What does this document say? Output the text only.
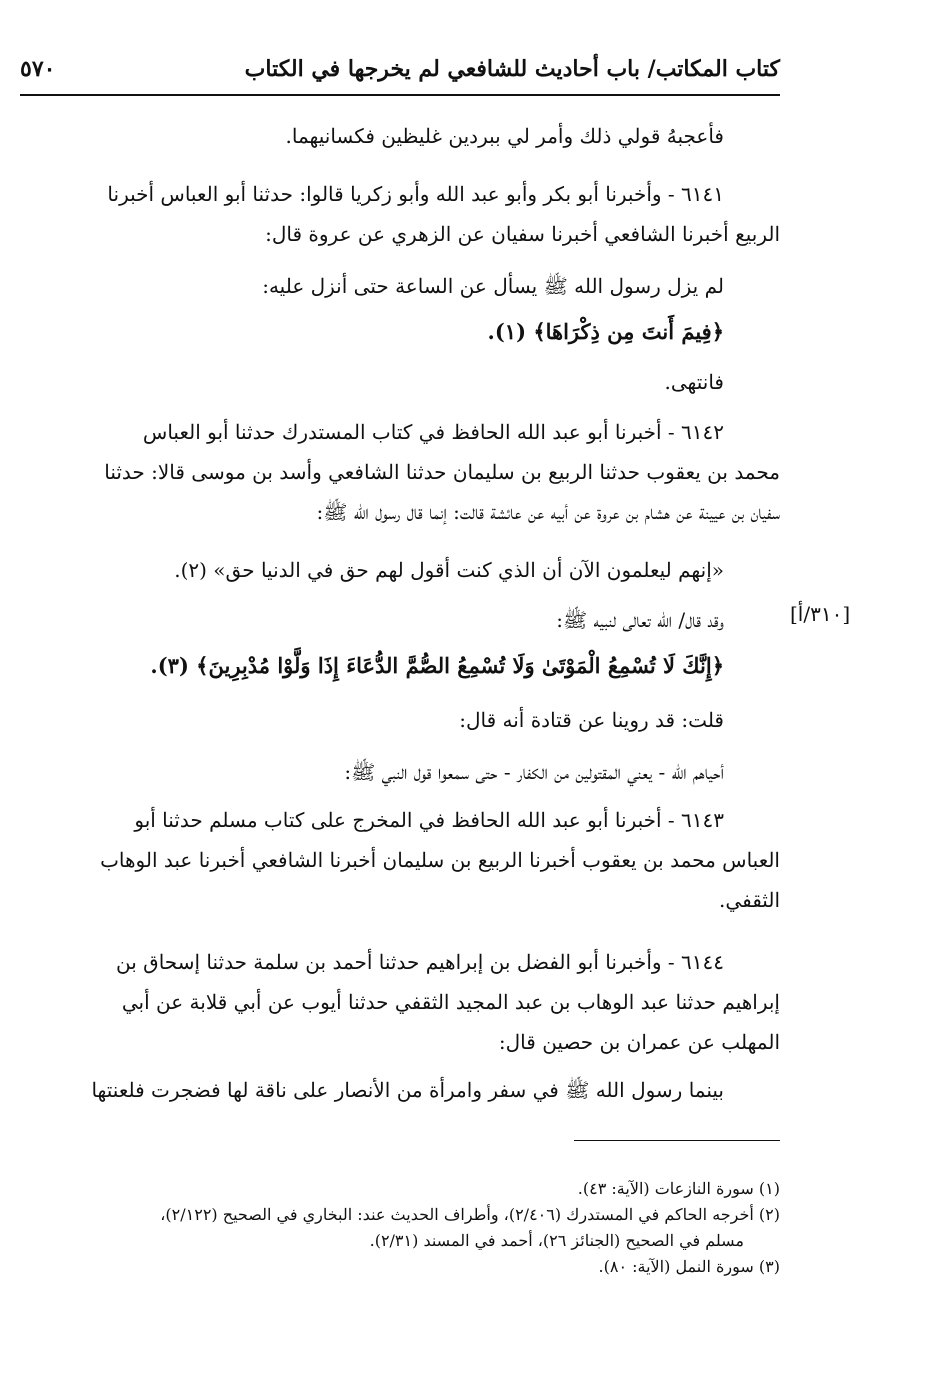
كتاب المكاتب/ باب أحاديث للشافعي لم يخرجها في الكتاب
٥٧٠
فأعجبهُ قولي ذلك وأمر لي ببردين غليظين فكسانيهما.
٦١٤١ - وأخبرنا أبو بكر وأبو عبد الله وأبو زكريا قالوا: حدثنا أبو العباس أخبرنا
الربيع أخبرنا الشافعي أخبرنا سفيان عن الزهري عن عروة قال:
لم يزل رسول الله ﷺ يسأل عن الساعة حتى أنزل عليه:
﴿فِيمَ أَنتَ مِن ذِكْرَاهَا﴾ (١).
فانتهى.
٦١٤٢ - أخبرنا أبو عبد الله الحافظ في كتاب المستدرك حدثنا أبو العباس
محمد بن يعقوب حدثنا الربيع بن سليمان حدثنا الشافعي وأسد بن موسى قالا: حدثنا
سفيان بن عيينة عن هشام بن عروة عن أبيه عن عائشة قالت: إنما قال رسول الله ﷺ:
«إنهم ليعلمون الآن أن الذي كنت أقول لهم حق في الدنيا حق» (٢).
وقد قال/ الله تعالى لنبيه ﷺ:	[٣١٠/أ]
﴿إِنَّكَ لَا تُسْمِعُ الْمَوْتَىٰ وَلَا تُسْمِعُ الصُّمَّ الدُّعَاءَ إِذَا وَلَّوْا مُدْبِرِينَ﴾ (٣).
قلت: قد روينا عن قتادة أنه قال:
أحياهم الله - يعني المقتولين من الكفار - حتى سمعوا قول النبي ﷺ:
٦١٤٣ - أخبرنا أبو عبد الله الحافظ في المخرج على كتاب مسلم حدثنا أبو
العباس محمد بن يعقوب أخبرنا الربيع بن سليمان أخبرنا الشافعي أخبرنا عبد الوهاب
الثقفي.
٦١٤٤ - وأخبرنا أبو الفضل بن إبراهيم حدثنا أحمد بن سلمة حدثنا إسحاق بن
إبراهيم حدثنا عبد الوهاب بن عبد المجيد الثقفي حدثنا أيوب عن أبي قلابة عن أبي
المهلب عن عمران بن حصين قال:
بينما رسول الله ﷺ في سفر وامرأة من الأنصار على ناقة لها فضجرت فلعنتها
(١) سورة النازعات (الآية: ٤٣).
(٢) أخرجه الحاكم في المستدرك (٢/٤٠٦)، وأطراف الحديث عند: البخاري في الصحيح (٢/١٢٢)،
مسلم في الصحيح (الجنائز ٢٦)، أحمد في المسند (٢/٣١).
(٣) سورة النمل (الآية: ٨٠).
